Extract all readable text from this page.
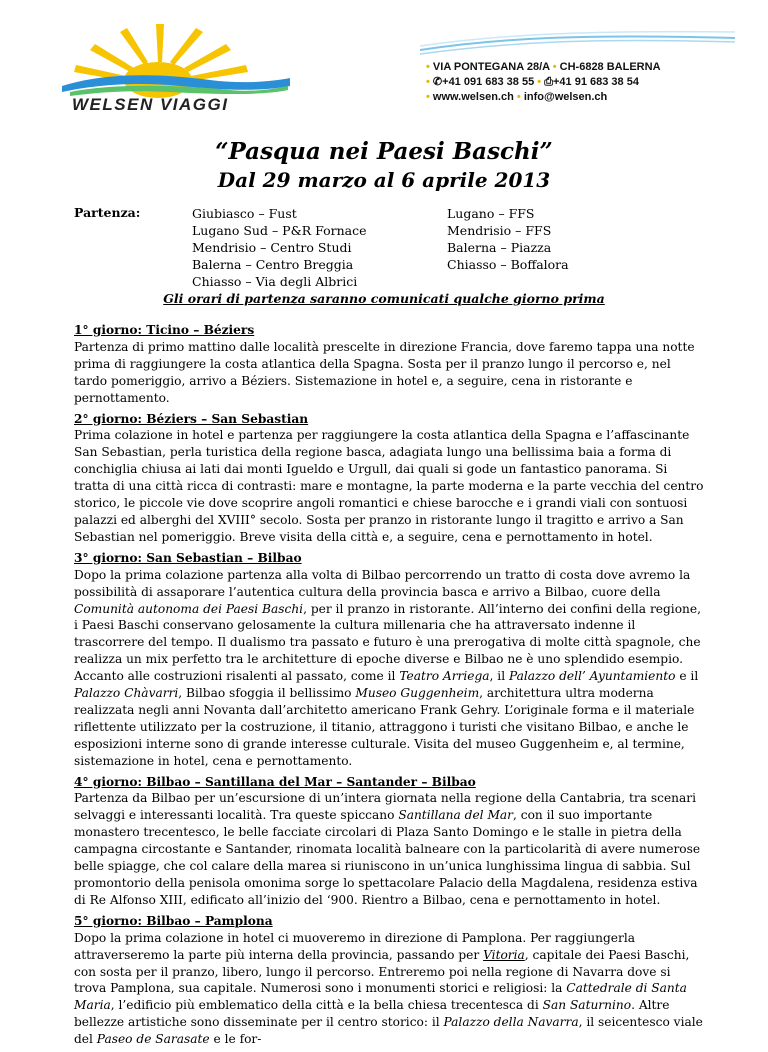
WELSEN VIAGGI
• VIA PONTEGANA 28/A • CH-6828 BALERNA
• ✆+41 091 683 38 55 • ⎙+41 91 683 38 54
• www.welsen.ch • info@welsen.ch
“Pasqua nei Paesi Baschi”
Dal 29 marzo al 6 aprile 2013
Partenza:	Giubiasco – Fust
Lugano Sud – P&R Fornace
Mendrisio – Centro Studi
Balerna – Centro Breggia
Chiasso – Via degli Albrici
Lugano – FFS
Mendrisio – FFS
Balerna – Piazza
Chiasso – Boffalora
Gli orari di partenza saranno comunicati qualche giorno prima
1° giorno: Ticino – Béziers
Partenza di primo mattino dalle località prescelte in direzione Francia, dove faremo tappa una notte prima di raggiungere la costa atlantica della Spagna. Sosta per il pranzo lungo il percorso e, nel tardo pomeriggio, arrivo a Béziers. Sistemazione in hotel e, a seguire, cena in ristorante e pernottamento.
2° giorno: Béziers – San Sebastian
Prima colazione in hotel e partenza per raggiungere la costa atlantica della Spagna e l’affascinante San Sebastian, perla turistica della regione basca, adagiata lungo una bellissima baia a forma di conchiglia chiusa ai lati dai monti Igueldo e Urgull, dai quali si gode un fantastico panorama. Si tratta di una città ricca di contrasti: mare e montagne, la parte moderna e la parte vecchia del centro storico, le piccole vie dove scoprire angoli romantici e chiese barocche e i grandi viali con sontuosi palazzi ed alberghi del XVIII° secolo. Sosta per pranzo in ristorante lungo il tragitto e arrivo a San Sebastian nel pomeriggio. Breve visita della città e, a seguire, cena e pernottamento in hotel.
3° giorno: San Sebastian – Bilbao
Dopo la prima colazione partenza alla volta di Bilbao percorrendo un tratto di costa dove avremo la possibilità di assaporare l’autentica cultura della provincia basca e arrivo a Bilbao, cuore della Comunità autonoma dei Paesi Baschi, per il pranzo in ristorante. All’interno dei confini della regione, i Paesi Baschi conservano gelosamente la cultura millenaria che ha attraversato indenne il trascorrere del tempo. Il dualismo tra passato e futuro è una prerogativa di molte città spagnole, che realizza un mix perfetto tra le architetture di epoche diverse e Bilbao ne è uno splendido esempio. Accanto alle costruzioni risalenti al passato, come il Teatro Arriega, il Palazzo dell’ Ayuntamiento e il Palazzo Chàvarri, Bilbao sfoggia il bellissimo Museo Guggenheim, architettura ultra moderna realizzata negli anni Novanta dall’architetto americano Frank Gehry. L’originale forma e il materiale riflettente utilizzato per la costruzione, il titanio, attraggono i turisti che visitano Bilbao, e anche le esposizioni interne sono di grande interesse culturale. Visita del museo Guggenheim e, al termine, sistemazione in hotel, cena e pernottamento.
4° giorno: Bilbao – Santillana del Mar – Santander – Bilbao
Partenza da Bilbao per un’escursione di un’intera giornata nella regione della Cantabria, tra scenari selvaggi e interessanti località. Tra queste spiccano Santillana del Mar, con il suo importante monastero trecentesco, le belle facciate circolari di Plaza Santo Domingo e le stalle in pietra della campagna circostante e Santander, rinomata località balneare con la particolarità di avere numerose belle spiagge, che col calare della marea si riuniscono in un’unica lunghissima lingua di sabbia. Sul promontorio della penisola omonima sorge lo spettacolare Palacio della Magdalena, residenza estiva di Re Alfonso XIII, edificato all’inizio del ‘900. Rientro a Bilbao, cena e pernottamento in hotel.
5° giorno: Bilbao – Pamplona
Dopo la prima colazione in hotel ci muoveremo in direzione di Pamplona. Per raggiungerla attraverseremo la parte più interna della provincia, passando per Vitoria, capitale dei Paesi Baschi, con sosta per il pranzo, libero, lungo il percorso. Entreremo poi nella regione di Navarra dove si trova Pamplona, sua capitale. Numerosi sono i monumenti storici e religiosi: la Cattedrale di Santa Maria, l’edificio più emblematico della città e la bella chiesa trecentesca di San Saturnino. Altre bellezze artistiche sono disseminate per il centro storico: il Palazzo della Navarra, il seicentesco viale del Paseo de Sarasate e le for-
